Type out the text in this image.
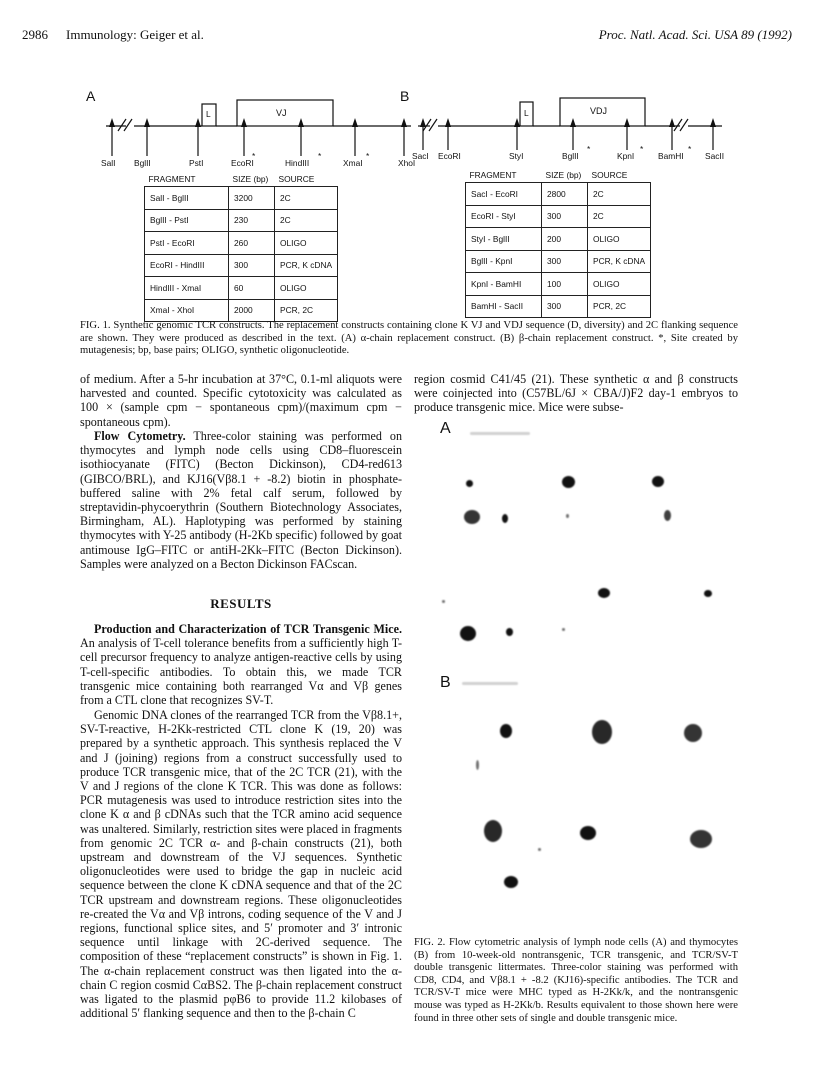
2986 Immunology: Geiger et al.	Proc. Natl. Acad. Sci. USA 89 (1992)
A
L	VJ
SalI BglII	PstI	EcoRI
*
HindIII
*
XmaI
*
XhoI
FRAGMENT	SIZE (bp)	SOURCE
SalI - BglII	3200	2C
BglII - PstI	230	2C
PstI - EcoRI	260	OLIGO
EcoRI - HindIII	300	PCR, K cDNA
HindIII - XmaI	60	OLIGO
XmaI - XhoI	2000	PCR, 2C
B
L	VDJ
SacI EcoRI	StyI	BglII
*
KpnI
*
BamHI
*
SacII
FRAGMENT	SIZE (bp)	SOURCE
SacI - EcoRI	2800	2C
EcoRI - StyI	300	2C
StyI - BglII	200	OLIGO
BglII - KpnI	300	PCR, K cDNA
KpnI - BamHI	100	OLIGO
BamHI - SacII	300	PCR, 2C
FIG. 1. Synthetic genomic TCR constructs. The replacement constructs containing clone K VJ and VDJ sequence (D, diversity) and 2C flanking sequence are shown. They were produced as described in the text. (A) α-chain replacement construct. (B) β-chain replacement construct. *, Site created by mutagenesis; bp, base pairs; OLIGO, synthetic oligonucleotide.
of medium. After a 5-hr incubation at 37°C, 0.1-ml aliquots were harvested and counted. Specific cytotoxicity was calculated as 100 × (sample cpm − spontaneous cpm)/(maximum cpm − spontaneous cpm).
Flow Cytometry. Three-color staining was performed on thymocytes and lymph node cells using CD8–fluorescein isothiocyanate (FITC) (Becton Dickinson), CD4-red613 (GIBCO/BRL), and KJ16(Vβ8.1 + -8.2) biotin in phosphate-buffered saline with 2% fetal calf serum, followed by streptavidin-phycoerythrin (Southern Biotechnology Associates, Birmingham, AL). Haplotyping was performed by staining thymocytes with Y-25 antibody (H-2Kb specific) followed by goat antimouse IgG–FITC or antiH-2Kk–FITC (Becton Dickinson). Samples were analyzed on a Becton Dickinson FACscan.
RESULTS
Production and Characterization of TCR Transgenic Mice. An analysis of T-cell tolerance benefits from a sufficiently high T-cell precursor frequency to analyze antigen-reactive cells by using T-cell-specific antibodies. To obtain this, we made TCR transgenic mice containing both rearranged Vα and Vβ genes from a CTL clone that recognizes SV-T.
Genomic DNA clones of the rearranged TCR from the Vβ8.1+, SV-T-reactive, H-2Kk-restricted CTL clone K (19, 20) was prepared by a synthetic approach. This synthesis replaced the V and J (joining) regions from a construct successfully used to produce TCR transgenic mice, that of the 2C TCR (21), with the V and J regions of the clone K TCR. This was done as follows: PCR mutagenesis was used to introduce restriction sites into the clone K α and β cDNAs such that the TCR amino acid sequence was unaltered. Similarly, restriction sites were placed in fragments from genomic 2C TCR α- and β-chain constructs (21), both upstream and downstream of the VJ sequences. Synthetic oligonucleotides were used to bridge the gap in nucleic acid sequence between the clone K cDNA sequence and that of the 2C TCR upstream and downstream regions. These oligonucleotides re-created the Vα and Vβ introns, coding sequence of the V and J regions, functional splice sites, and 5′ promoter and 3′ intronic sequence until linkage with 2C-derived sequence. The composition of these “replacement constructs” is shown in Fig. 1. The α-chain replacement construct was then ligated into the α-chain C region cosmid CαBS2. The β-chain replacement construct was ligated to the plasmid pφB6 to provide 11.2 kilobases of additional 5′ flanking sequence and then to the β-chain C
region cosmid C41/45 (21). These synthetic α and β constructs were coinjected into (C57BL/6J × CBA/J)F2 day-1 embryos to produce transgenic mice. Mice were subse-
A
B
FIG. 2. Flow cytometric analysis of lymph node cells (A) and thymocytes (B) from 10-week-old nontransgenic, TCR transgenic, and TCR/SV-T double transgenic littermates. Three-color staining was performed with CD8, CD4, and Vβ8.1 + -8.2 (KJ16)-specific antibodies. The TCR and TCR/SV-T mice were MHC typed as H-2Kk/k, and the nontransgenic mouse was typed as H-2Kk/b. Results equivalent to those shown here were found in three other sets of single and double transgenic mice.
